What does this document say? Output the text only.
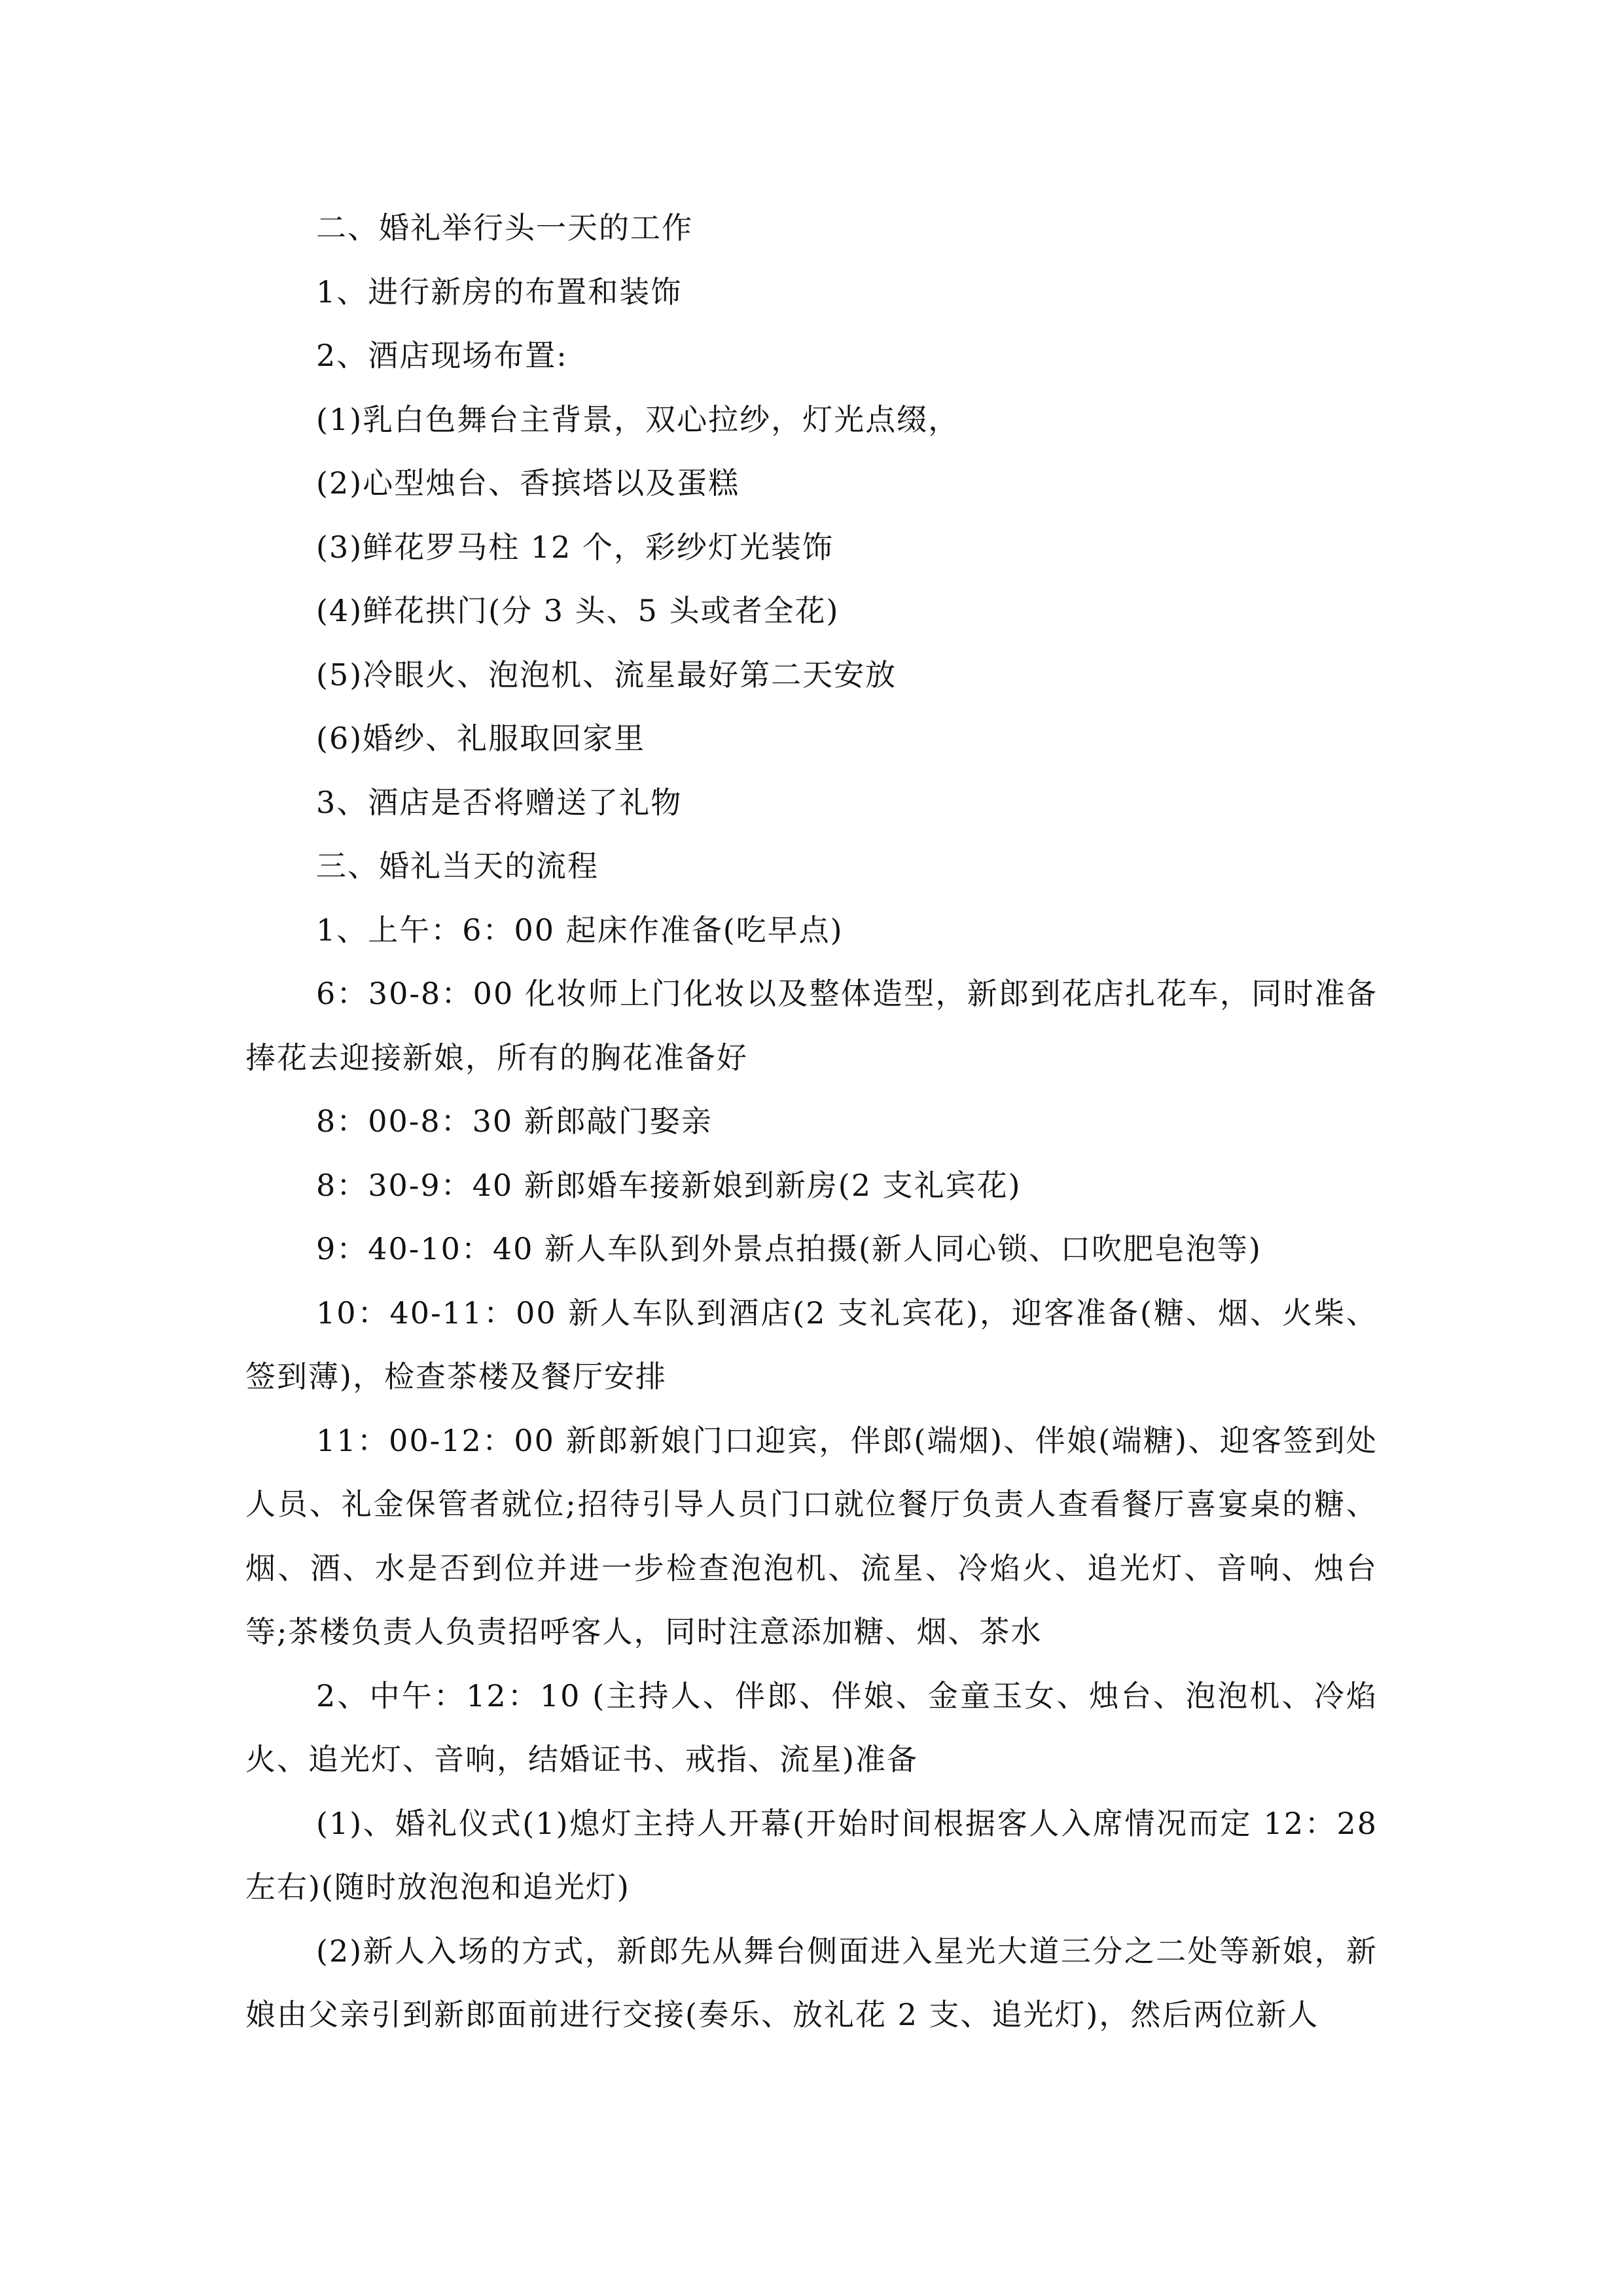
二、婚礼举行头一天的工作

1、进行新房的布置和装饰

2、酒店现场布置:

(1)乳白色舞台主背景，双心拉纱，灯光点缀，

(2)心型烛台、香摈塔以及蛋糕

(3)鲜花罗马柱 12 个，彩纱灯光装饰

(4)鲜花拱门(分 3 头、5 头或者全花)

(5)冷眼火、泡泡机、流星最好第二天安放

(6)婚纱、礼服取回家里

3、酒店是否将赠送了礼物

三、婚礼当天的流程

1、上午：6：00 起床作准备(吃早点)

6：30-8：00 化妆师上门化妆以及整体造型，新郎到花店扎花车，同时准备捧花去迎接新娘，所有的胸花准备好

8：00-8：30 新郎敲门娶亲

8：30-9：40 新郎婚车接新娘到新房(2 支礼宾花)

9：40-10：40 新人车队到外景点拍摄(新人同心锁、口吹肥皂泡等)

10：40-11：00 新人车队到酒店(2 支礼宾花)，迎客准备(糖、烟、火柴、签到薄)，检查茶楼及餐厅安排

11：00-12：00 新郎新娘门口迎宾，伴郎(端烟)、伴娘(端糖)、迎客签到处人员、礼金保管者就位;招待引导人员门口就位餐厅负责人查看餐厅喜宴桌的糖、烟、酒、水是否到位并进一步检查泡泡机、流星、冷焰火、追光灯、音响、烛台等;茶楼负责人负责招呼客人，同时注意添加糖、烟、茶水

2、中午：12：10 (主持人、伴郎、伴娘、金童玉女、烛台、泡泡机、冷焰火、追光灯、音响，结婚证书、戒指、流星)准备

(1)、婚礼仪式(1)熄灯主持人开幕(开始时间根据客人入席情况而定 12：28 左右)(随时放泡泡和追光灯)

(2)新人入场的方式，新郎先从舞台侧面进入星光大道三分之二处等新娘，新娘由父亲引到新郎面前进行交接(奏乐、放礼花 2 支、追光灯)，然后两位新人
